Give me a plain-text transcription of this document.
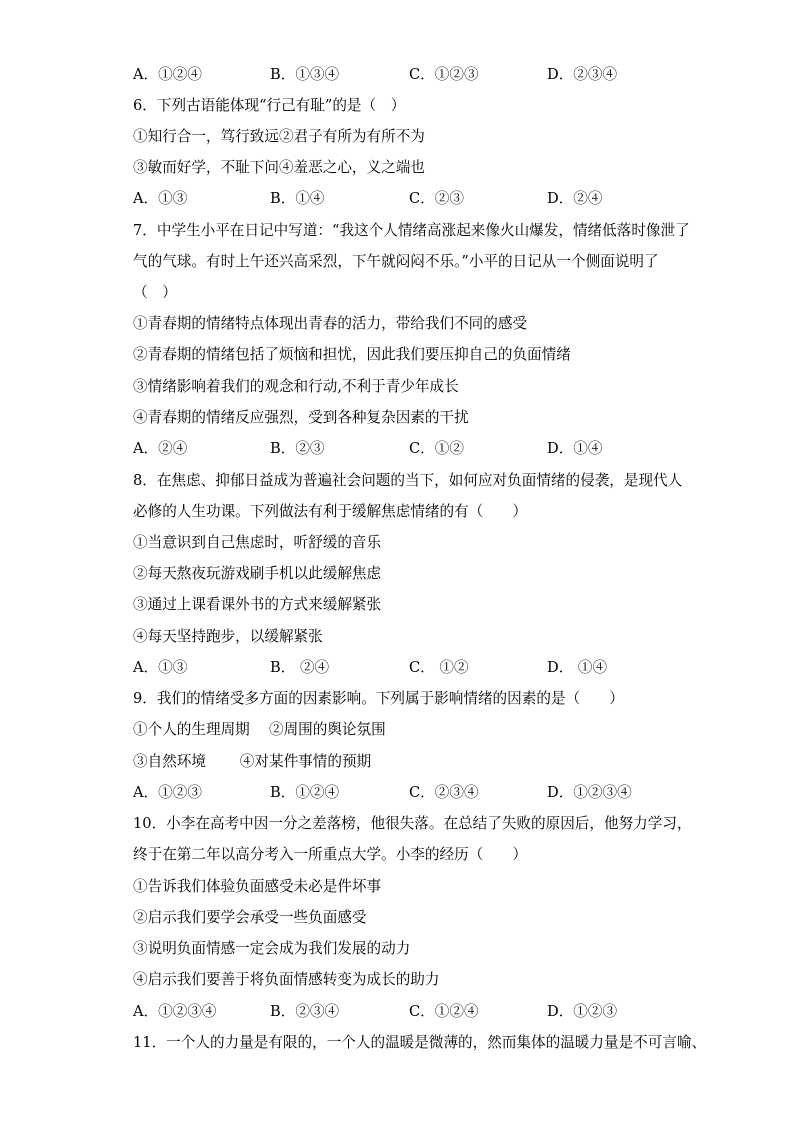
A．①②④	B．①③④	C．①②③	D．②③④
6．下列古语能体现“行己有耻”的是（　）
①知行合一，笃行致远②君子有所为有所不为
③敏而好学，不耻下问④羞恶之心，义之端也
A．①③	B．①④	C．②③	D．②④
7．中学生小平在日记中写道：“我这个人情绪高涨起来像火山爆发，情绪低落时像泄了
气的气球。有时上午还兴高采烈，下午就闷闷不乐。”小平的日记从一个侧面说明了
（　）
①青春期的情绪特点体现出青春的活力，带给我们不同的感受
②青春期的情绪包括了烦恼和担忧，因此我们要压抑自己的负面情绪
③情绪影响着我们的观念和行动,不利于青少年成长
④青春期的情绪反应强烈，受到各种复杂因素的干扰
A．②④	B．②③	C．①②	D．①④
8．在焦虑、抑郁日益成为普遍社会问题的当下，如何应对负面情绪的侵袭，是现代人
必修的人生功课。下列做法有利于缓解焦虑情绪的有（　　）
①当意识到自己焦虑时，听舒缓的音乐
②每天熬夜玩游戏刷手机以此缓解焦虑
③通过上课看课外书的方式来缓解紧张
④每天坚持跑步，以缓解紧张
A．①③	B． ②④	C． ①②	D． ①④
9．我们的情绪受多方面的因素影响。下列属于影响情绪的因素的是（　　）
①个人的生理周期　 ②周围的舆论氛围
③自然环境　　 ④对某件事情的预期
A．①②③	B．①②④	C．②③④	D．①②③④
10．小李在高考中因一分之差落榜，他很失落。在总结了失败的原因后，他努力学习，
终于在第二年以高分考入一所重点大学。小李的经历（　　）
①告诉我们体验负面感受未必是件坏事
②启示我们要学会承受一些负面感受
③说明负面情感一定会成为我们发展的动力
④启示我们要善于将负面情感转变为成长的助力
A．①②③④	B．②③④	C．①②④	D．①②③
11．一个人的力量是有限的，一个人的温暖是微薄的，然而集体的温暖力量是不可言喻、
